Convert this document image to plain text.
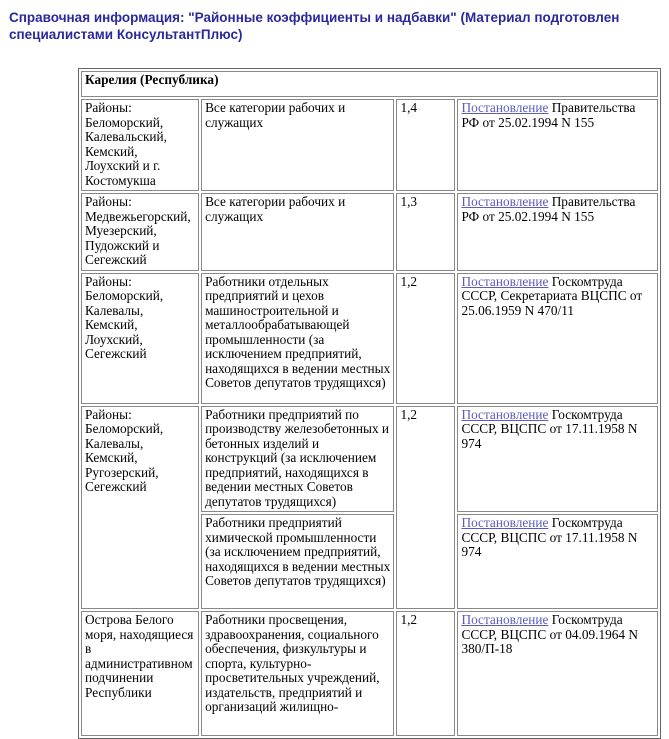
Справочная информация: "Районные коэффициенты и надбавки" (Материал подготовлен специалистами КонсультантПлюс)
Карелия (Республика)			
Районы: Беломорский, Калевальский, Кемский, Лоухский и г. Костомукша	Все категории рабочих и служащих	1,4	Постановление Правительства РФ от 25.02.1994 N 155
Районы: Медвежьегорский, Муезерский, Пудожский и Сегежский	Все категории рабочих и служащих	1,3	Постановление Правительства РФ от 25.02.1994 N 155
Районы: Беломорский, Калевалы, Кемский, Лоухский, Сегежский	Работники отдельных предприятий и цехов машиностроительной и металлообрабатывающей промышленности (за исключением предприятий, находящихся в ведении местных Советов депутатов трудящихся)	1,2	Постановление Госкомтруда СССР, Секретариата ВЦСПС от 25.06.1959 N 470/11
Районы: Беломорский, Калевалы, Кемский, Ругозерский, Сегежский	Работники предприятий по производству железобетонных и бетонных изделий и конструкций (за исключением предприятий, находящихся в ведении местных Советов депутатов трудящихся)	1,2	Постановление Госкомтруда СССР, ВЦСПС от 17.11.1958 N 974
	Работники предприятий химической промышленности (за исключением предприятий, находящихся в ведении местных Советов депутатов трудящихся)		Постановление Госкомтруда СССР, ВЦСПС от 17.11.1958 N 974
Острова Белого моря, находящиеся в административном подчинении Республики	Работники просвещения, здравоохранения, социального обеспечения, физкультуры и спорта, культурно-просветительных учреждений, издательств, предприятий и организаций жилищно-	1,2	Постановление Госкомтруда СССР, ВЦСПС от 04.09.1964 N 380/П-18
